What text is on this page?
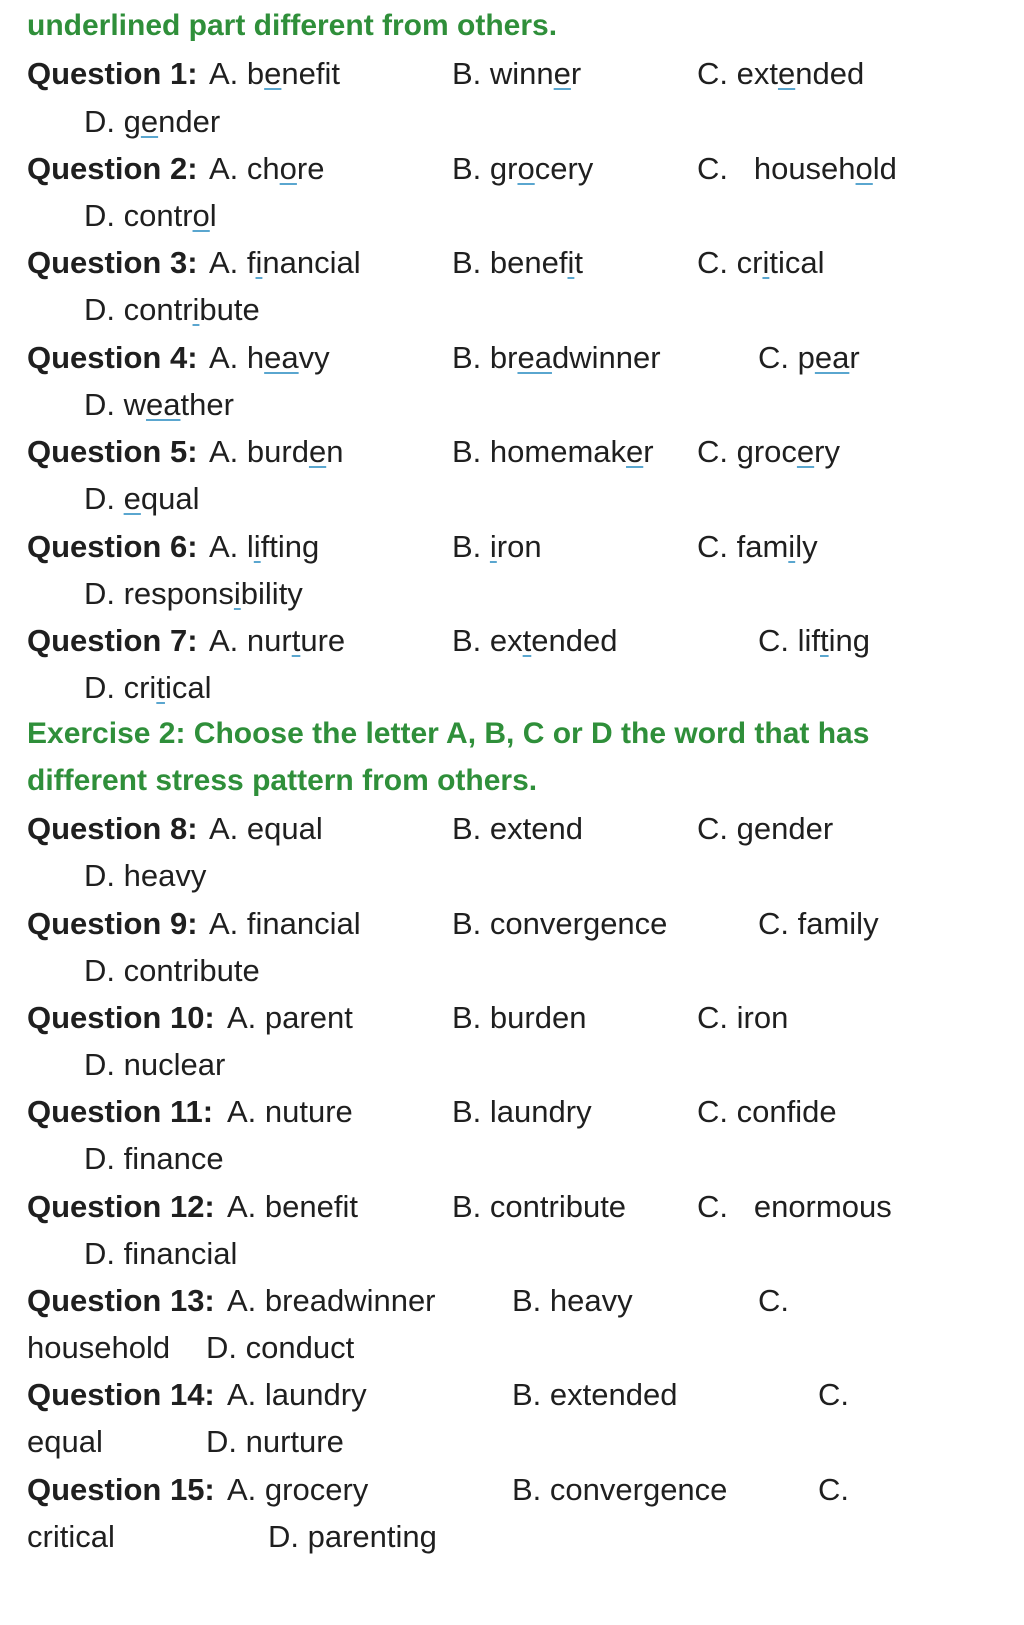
underlined part different from others.
Question 1: A. benefit	B. winner	C. extended
D. gender
Question 2: A. chore	B. grocery	C.   household
D. control
Question 3: A. financial	B. benefit	C. critical
D. contribute
Question 4: A. heavy	B. breadwinner	C. pear
D. weather
Question 5: A. burden	B. homemaker C. grocery
D. equal
Question 6: A. lifting	B. iron	C. family
D. responsibility
Question 7: A. nurture	B. extended	C. lifting
D. critical
Exercise 2: Choose the letter A, B, C or D the word that has
different stress pattern from others.
Question 8: A. equal	B. extend	C. gender
D. heavy
Question 9: A. financial	B. convergence	C. family
D. contribute
Question 10: A. parent	B. burden	C. iron
D. nuclear
Question 11: A. nuture	B. laundry	C. confide
D. finance
Question 12: A. benefit	B. contribute C.   enormous
D. financial
Question 13: A. breadwinner B. heavy	C.
household D. conduct
Question 14: A. laundry	B. extended	C.
equal	D. nurture
Question 15: A. grocery	B. convergence	C.
critical	D. parenting
